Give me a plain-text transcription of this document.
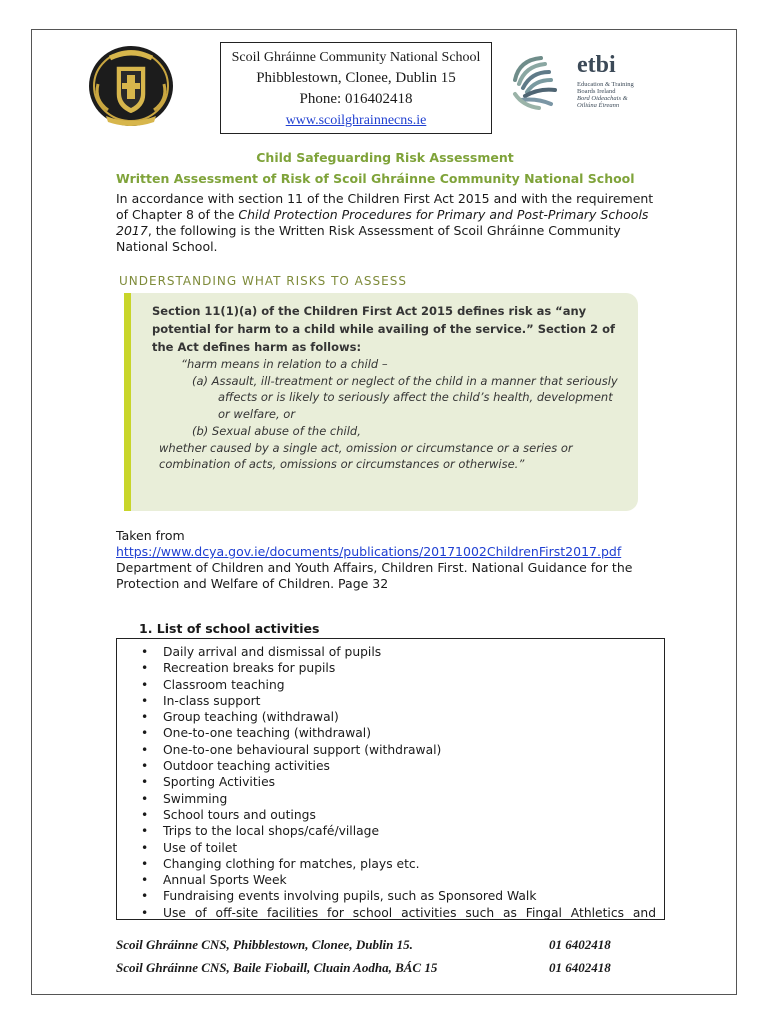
Scoil Ghráinne Community National School
Phibblestown, Clonee, Dublin 15
Phone: 016402418
www.scoilghrainnecns.ie
etbi
Education & Training
Boards Ireland
Bord Oideachais &
Oiliúna Éireann
Child Safeguarding Risk Assessment
Written Assessment of Risk of Scoil Ghráinne Community National School
In accordance with section 11 of the Children First Act 2015 and with the requirement of Chapter 8 of the Child Protection Procedures for Primary and Post-Primary Schools 2017, the following is the Written Risk Assessment of Scoil Ghráinne Community National School.
UNDERSTANDING WHAT RISKS TO ASSESS
Section 11(1)(a) of the Children First Act 2015 defines risk as “any potential for harm to a child while availing of the service.” Section 2 of the Act defines harm as follows:
“harm means in relation to a child –
(a) Assault, ill-treatment or neglect of the child in a manner that seriously affects or is likely to seriously affect the child’s health, development or welfare, or
(b) Sexual abuse of the child,
whether caused by a single act, omission or circumstance or a series or combination of acts, omissions or circumstances or otherwise.”
Taken from
https://www.dcya.gov.ie/documents/publications/20171002ChildrenFirst2017.pdf
Department of Children and Youth Affairs, Children First. National Guidance for the Protection and Welfare of Children. Page 32
1. List of school activities
• Daily arrival and dismissal of pupils
• Recreation breaks for pupils
• Classroom teaching
• In-class support
• Group teaching (withdrawal)
• One-to-one teaching (withdrawal)
• One-to-one behavioural support (withdrawal)
• Outdoor teaching activities
• Sporting Activities
• Swimming
• School tours and outings
• Trips to the local shops/café/village
• Use of toilet
• Changing clothing for matches, plays etc.
• Annual Sports Week
• Fundraising events involving pupils, such as Sponsored Walk
• Use of off-site facilities for school activities such as Fingal Athletics and
Scoil Ghráinne CNS, Phibblestown, Clonee, Dublin 15.	01 6402418
Scoil Ghráinne CNS, Baile Fiobaill, Cluain Aodha, BÁC 15	01 6402418
